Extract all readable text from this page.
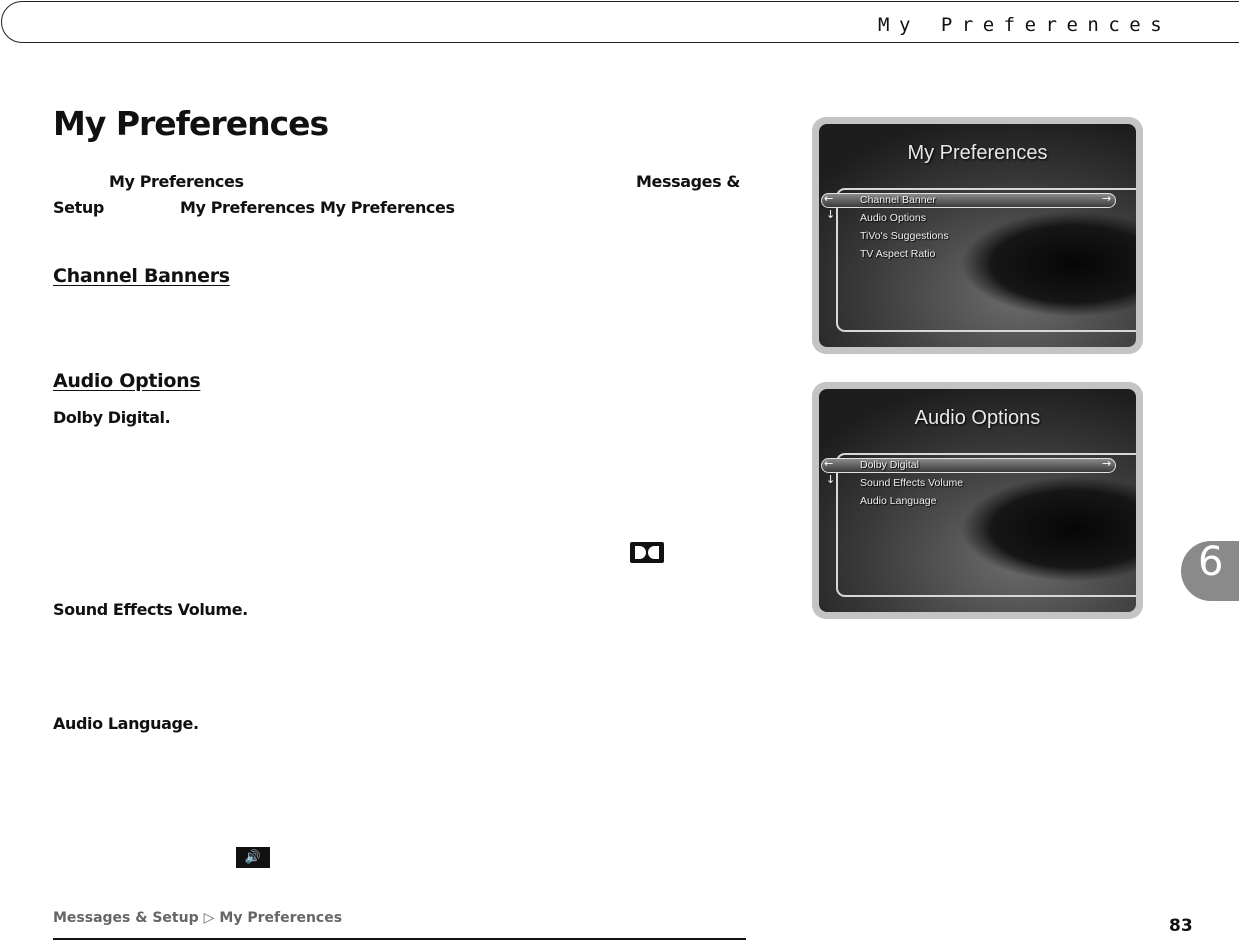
My Preferences
My Preferences
My Preferences	Messages &
Setup	My Preferences My Preferences
Channel Banners
Audio Options
Dolby Digital.
Sound Effects Volume.
Audio Language.
🔊
My Preferences
←	→
↓
Channel Banner
Audio Options
TiVo's Suggestions
TV Aspect Ratio
Audio Options
←	→
↓
Dolby Digital
Sound Effects Volume
Audio Language
6
Messages & Setup ▷ My Preferences	83
